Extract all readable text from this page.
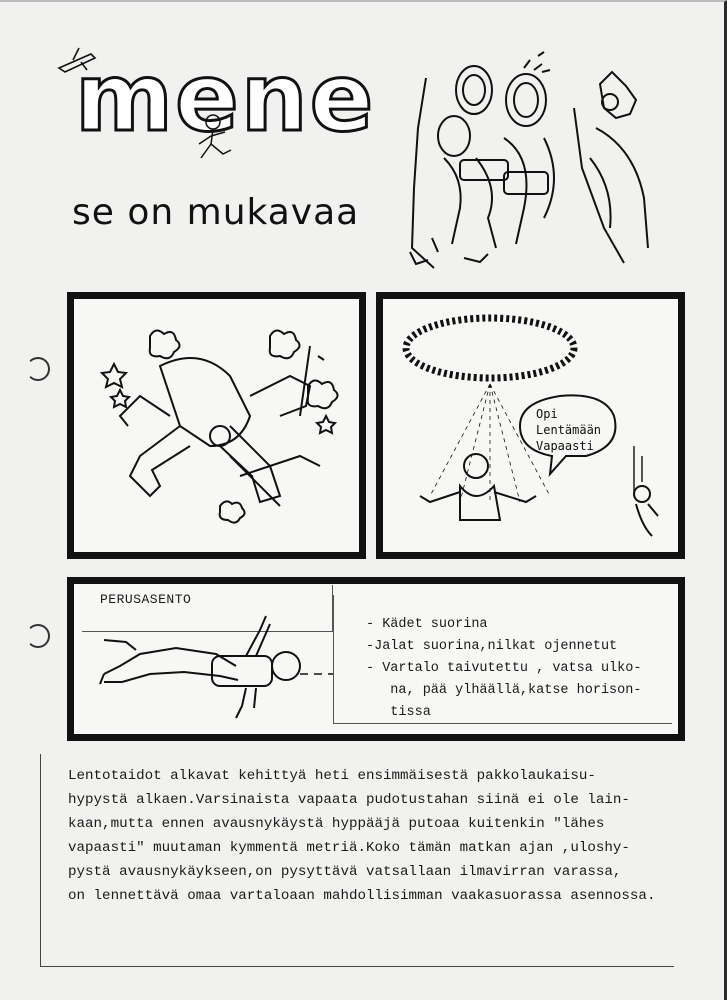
mene
se on mukavaa
Opi
Lentämään
Vapaasti
PERUSASENTO
- Kädet suorina
-Jalat suorina,nilkat ojennetut
- Vartalo taivutettu , vatsa ulko-
na, pää ylhäällä,katse horison-
tissa
Lentotaidot alkavat kehittyä heti ensimmäisestä pakkolaukaisu-
hypystä alkaen.Varsinaista vapaata pudotustahan siinä ei ole lain-
kaan,mutta ennen avausnykäystä hyppääjä putoaa kuitenkin "lähes
vapaasti" muutaman kymmentä metriä.Koko tämän matkan ajan ,uloshy-
pystä avausnykäykseen,on pysyttävä vatsallaan ilmavirran varassa,
on lennettävä omaa vartaloaan mahdollisimman vaakasuorassa asennossa.
